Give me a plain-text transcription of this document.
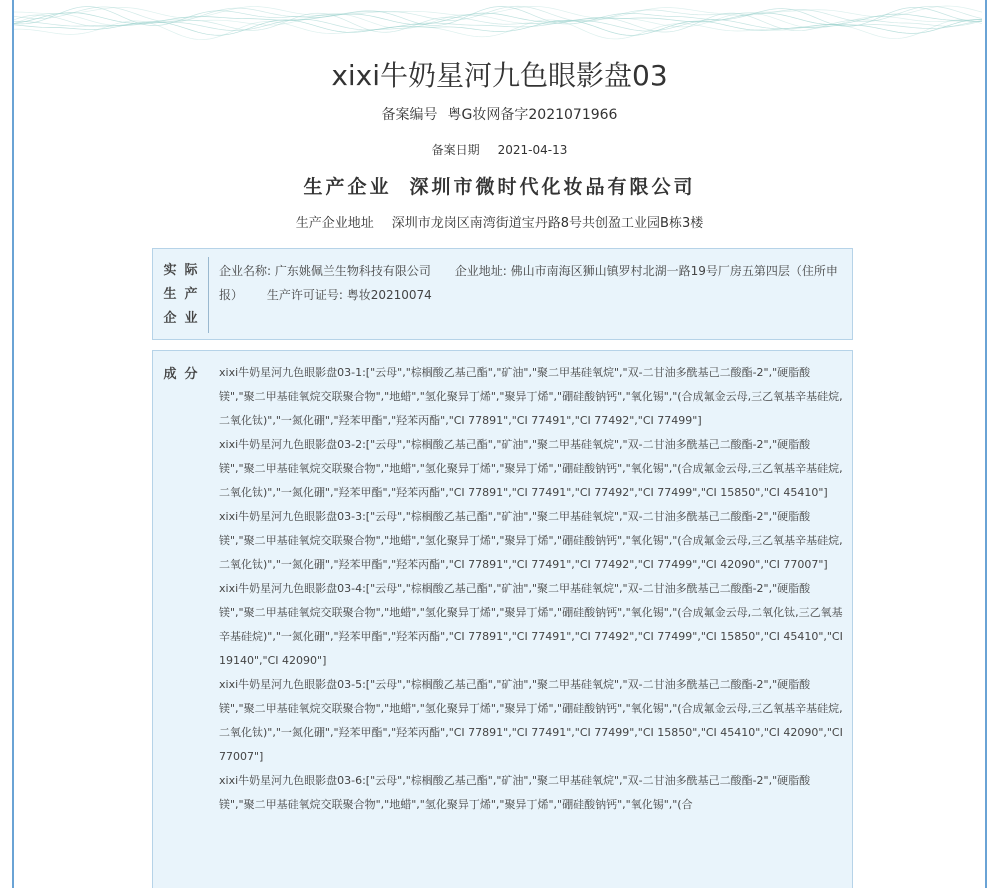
xixi牛奶星河九色眼影盘03
备案编号 粤G妆网备字2021071966
备案日期 2021-04-13
生产企业 深圳市微时代化妆品有限公司
生产企业地址 深圳市龙岗区南湾街道宝丹路8号共创盈工业园B栋3楼
实际
生产
企业
企业名称: 广东姚佩兰生物科技有限公司 企业地址: 佛山市南海区狮山镇罗村北湖一路19号厂房五第四层（住所申报） 生产许可证号: 粤妆20210074
成分 xixi牛奶星河九色眼影盘03-1:["云母","棕榈酸乙基己酯","矿油","聚二甲基硅氧烷","双-二甘油多酰基己二酸酯-2","硬脂酸镁","聚二甲基硅氧烷交联聚合物","地蜡","氢化聚异丁烯","聚异丁烯","硼硅酸钠钙","氧化锡","(合成氟金云母,三乙氧基辛基硅烷,二氧化钛)","一氮化硼","羟苯甲酯","羟苯丙酯","CI 77891","CI 77491","CI 77492","CI 77499"]
xixi牛奶星河九色眼影盘03-2:["云母","棕榈酸乙基己酯","矿油","聚二甲基硅氧烷","双-二甘油多酰基己二酸酯-2","硬脂酸镁","聚二甲基硅氧烷交联聚合物","地蜡","氢化聚异丁烯","聚异丁烯","硼硅酸钠钙","氧化锡","(合成氟金云母,三乙氧基辛基硅烷,二氧化钛)","一氮化硼","羟苯甲酯","羟苯丙酯","CI 77891","CI 77491","CI 77492","CI 77499","CI 15850","CI 45410"]
xixi牛奶星河九色眼影盘03-3:["云母","棕榈酸乙基己酯","矿油","聚二甲基硅氧烷","双-二甘油多酰基己二酸酯-2","硬脂酸镁","聚二甲基硅氧烷交联聚合物","地蜡","氢化聚异丁烯","聚异丁烯","硼硅酸钠钙","氧化锡","(合成氟金云母,三乙氧基辛基硅烷,二氧化钛)","一氮化硼","羟苯甲酯","羟苯丙酯","CI 77891","CI 77491","CI 77492","CI 77499","CI 42090","CI 77007"]
xixi牛奶星河九色眼影盘03-4:["云母","棕榈酸乙基己酯","矿油","聚二甲基硅氧烷","双-二甘油多酰基己二酸酯-2","硬脂酸镁","聚二甲基硅氧烷交联聚合物","地蜡","氢化聚异丁烯","聚异丁烯","硼硅酸钠钙","氧化锡","(合成氟金云母,二氧化钛,三乙氧基辛基硅烷)","一氮化硼","羟苯甲酯","羟苯丙酯","CI 77891","CI 77491","CI 77492","CI 77499","CI 15850","CI 45410","CI 19140","CI 42090"]
xixi牛奶星河九色眼影盘03-5:["云母","棕榈酸乙基己酯","矿油","聚二甲基硅氧烷","双-二甘油多酰基己二酸酯-2","硬脂酸镁","聚二甲基硅氧烷交联聚合物","地蜡","氢化聚异丁烯","聚异丁烯","硼硅酸钠钙","氧化锡","(合成氟金云母,三乙氧基辛基硅烷,二氧化钛)","一氮化硼","羟苯甲酯","羟苯丙酯","CI 77891","CI 77491","CI 77499","CI 15850","CI 45410","CI 42090","CI 77007"]
xixi牛奶星河九色眼影盘03-6:["云母","棕榈酸乙基己酯","矿油","聚二甲基硅氧烷","双-二甘油多酰基己二酸酯-2","硬脂酸镁","聚二甲基硅氧烷交联聚合物","地蜡","氢化聚异丁烯","聚异丁烯","硼硅酸钠钙","氧化锡","(合
